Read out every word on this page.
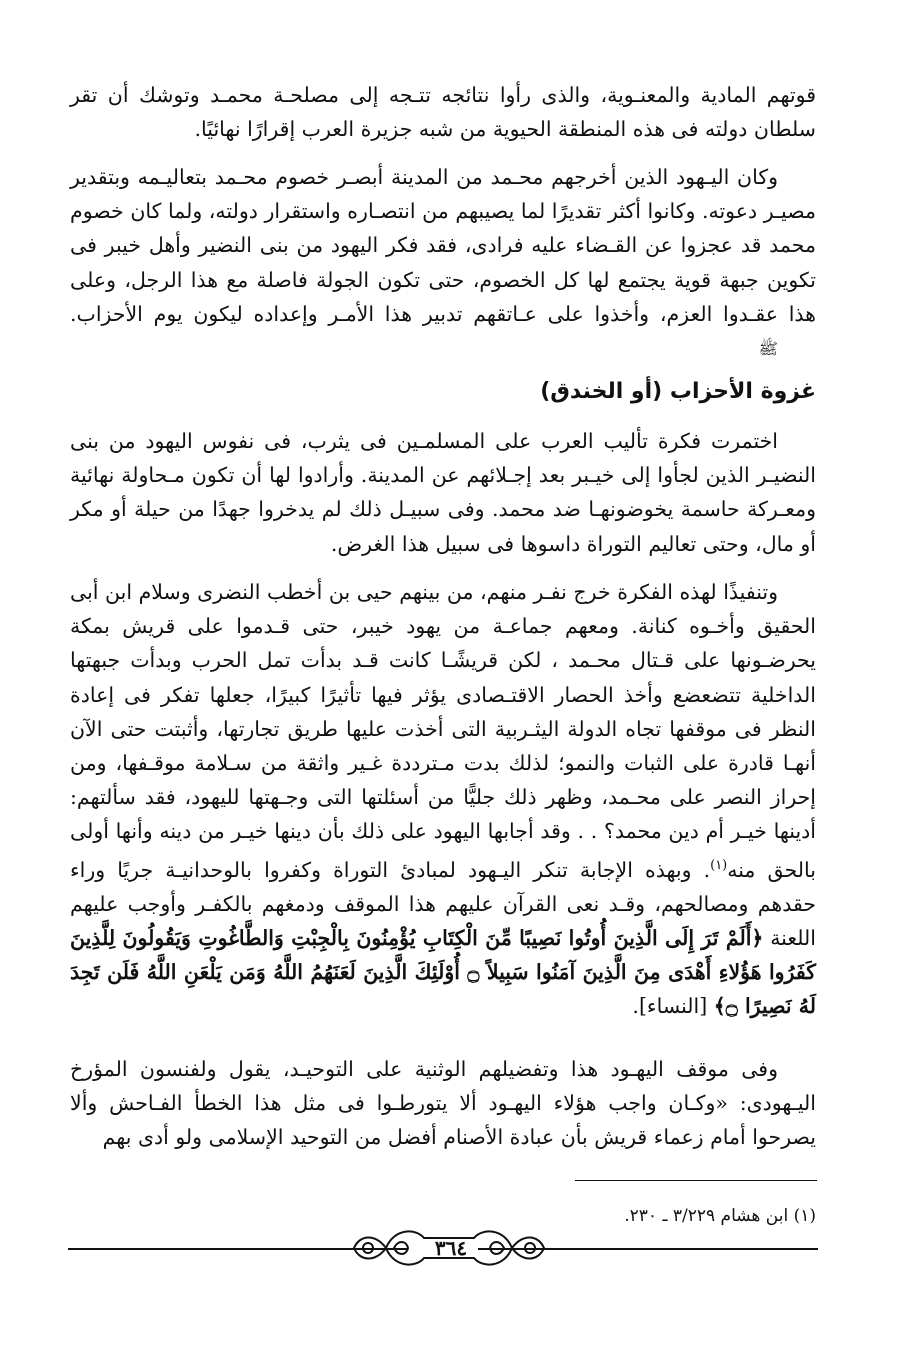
قوتهم المادية والمعنـوية، والذى رأوا نتائجه تتـجه إلى مصلحـة محمـد وتوشك أن تقر سلطان دولته فى هذه المنطقة الحيوية من شبه جزيرة العرب إقرارًا نهائيًا.

وكان اليـهود الذين أخرجهم محـمد من المدينة أبصـر خصوم محـمد بتعاليـمه وبتقدير مصيـر دعوته. وكانوا أكثر تقديرًا لما يصيبهم من انتصـاره واستقرار دولته، ولما كان خصوم محمد قد عجزوا عن القـضاء عليه فرادى، فقد فكر اليهود من بنى النضير وأهل خيبر فى تكوين جبهة قوية يجتمع لها كل الخصوم، حتى تكون الجولة فاصلة مع هذا الرجل، وعلى هذا عقـدوا العزم، وأخذوا على عـاتقهم تدبير هذا الأمـر وإعداده ليكون يوم الأحزاب.ﷺ

غزوة الأحزاب (أو الخندق)

اختمرت فكرة تأليب العرب على المسلمـين فى يثرب، فى نفوس اليهود من بنى النضيـر الذين لجأوا إلى خيـبر بعد إجـلائهم عن المدينة. وأرادوا لها أن تكون مـحاولة نهائية ومعـركة حاسمة يخوضونهـا ضد محمد. وفى سبيـل ذلك لم يدخروا جهدًا من حيلة أو مكر أو مال، وحتى تعاليم التوراة داسوها فى سبيل هذا الغرض.

وتنفيذًا لهذه الفكرة خرج نفـر منهم، من بينهم حيى بن أخطب النضرى وسلام ابن أبى الحقيق وأخـوه كنانة. ومعهم جماعـة من يهود خيبر، حتى قـدموا على قريش بمكة يحرضـونها على قـتال محـمد ، لكن قريشًـا كانت قـد بدأت تمل الحرب وبدأت جبهتها الداخلية تتضعضع وأخذ الحصار الاقتـصادى يؤثر فيها تأثيرًا كبيرًا، جعلها تفكر فى إعادة النظر فى موقفها تجاه الدولة اليثـربية التى أخذت عليها طريق تجارتها، وأثبتت حتى الآن أنهـا قادرة على الثبات والنمو؛ لذلك بدت مـترددة غـير واثقة من سـلامة موقـفها، ومن إحراز النصر على محـمد، وظهر ذلك جليًّا من أسئلتها التى وجـهتها لليهود، فقد سألتهم: أدينها خيـر أم دين محمد؟ . . وقد أجابها اليهود على ذلك بأن دينها خيـر من دينه وأنها أولى بالحق منه$^{(١)}$. وبهذه الإجابة تنكر اليـهود لمبادئ التوراة وكفروا بالوحدانيـة جريًا وراء حقدهم ومصالحهم، وقـد نعى القرآن عليهم هذا الموقف ودمغهم بالكفـر وأوجب عليهم اللعنة ﴿أَلَمْ تَرَ إِلَى الَّذِينَ أُوتُوا نَصِيبًا مِّنَ الْكِتَابِ يُؤْمِنُونَ بِالْجِبْتِ وَالطَّاغُوتِ وَيَقُولُونَ لِلَّذِينَ كَفَرُوا هَؤُلاءِ أَهْدَى مِنَ الَّذِينَ آمَنُوا سَبِيلاً ۝ أُوْلَئِكَ الَّذِينَ لَعَنَهُمُ اللَّهُ وَمَن يَلْعَنِ اللَّهُ فَلَن تَجِدَ لَهُ نَصِيرًا ۝﴾ [النساء].

وفى موقف اليهـود هذا وتفضيلهم الوثنية على التوحيـد، يقول ولفنسون المؤرخ اليـهودى: «وكـان واجب هؤلاء اليهـود ألا يتورطـوا فى مثل هذا الخطأ الفـاحش وألا يصرحوا أمام زعماء قريش بأن عبادة الأصنام أفضل من التوحيد الإسلامى ولو أدى بهم

(١) ابن هشام ٣/٢٢٩ ـ ٢٣٠.
٣٦٤
